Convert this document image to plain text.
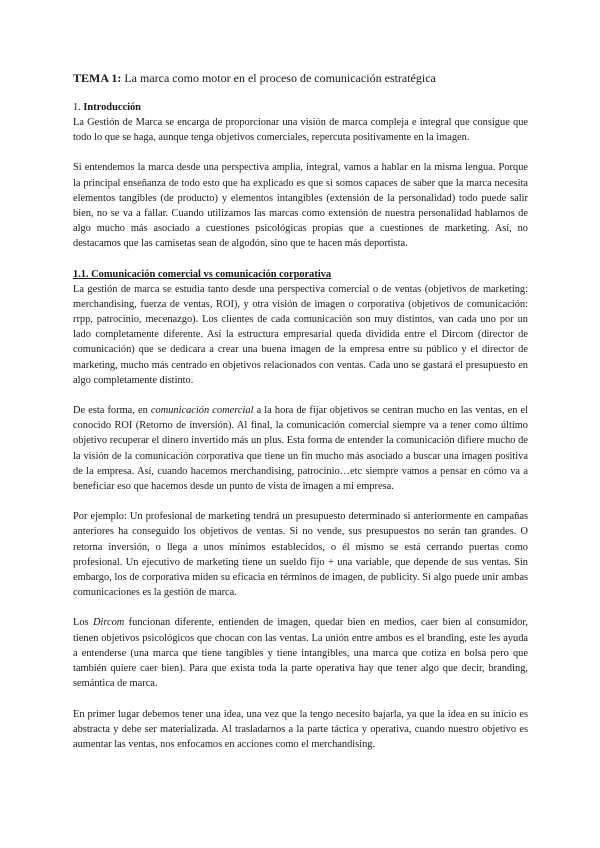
TEMA 1: La marca como motor en el proceso de comunicación estratégica
1. Introducción

La Gestión de Marca se encarga de proporcionar una visión de marca compleja e integral que consigue que todo lo que se haga, aunque tenga objetivos comerciales, repercuta positivamente en la imagen.

Si entendemos la marca desde una perspectiva amplia, integral, vamos a hablar en la misma lengua. Porque la principal enseñanza de todo esto que ha explicado es que si somos capaces de saber que la marca necesita elementos tangibles (de producto) y elementos intangibles (extensión de la personalidad) todo puede salir bien, no se va a fallar. Cuando utilizamos las marcas como extensión de nuestra personalidad hablamos de algo mucho más asociado a cuestiones psicológicas propias que a cuestiones de marketing. Así, no destacamos que las camisetas sean de algodón, sino que te hacen más deportista.

1.1. Comunicación comercial vs comunicación corporativa

La gestión de marca se estudia tanto desde una perspectiva comercial o de ventas (objetivos de marketing: merchandising, fuerza de ventas, ROI), y otra visión de imagen o corporativa (objetivos de comunicación: rrpp, patrocinio, mecenazgo). Los clientes de cada comunicación son muy distintos, van cada uno por un lado completamente diferente. Así la estructura empresarial queda dividida entre el Dircom (director de comunicación) que se dedicara a crear una buena imagen de la empresa entre su público y el director de marketing, mucho más centrado en objetivos relacionados con ventas. Cada uno se gastará el presupuesto en algo completamente distinto.

De esta forma, en comunicación comercial a la hora de fijar objetivos se centran mucho en las ventas, en el conocido ROI (Retorno de inversión). Al final, la comunicación comercial siempre va a tener como último objetivo recuperar el dinero invertido más un plus. Esta forma de entender la comunicación difiere mucho de la visión de la comunicación corporativa que tiene un fin mucho más asociado a buscar una imagen positiva de la empresa. Así, cuando hacemos merchandising, patrocinio…etc siempre vamos a pensar en cómo va a beneficiar eso que hacemos desde un punto de vista de imagen a mi empresa.

Por ejemplo: Un profesional de marketing tendrá un presupuesto determinado si anteriormente en campañas anteriores ha conseguido los objetivos de ventas. Si no vende, sus presupuestos no serán tan grandes. O retorna inversión, o llega a unos mínimos establecidos, o él mismo se está cerrando puertas como profesional. Un ejecutivo de marketing tiene un sueldo fijo + una variable, que depende de sus ventas. Sin embargo, los de corporativa miden su eficacia en términos de imagen, de publicity. Si algo puede unir ambas comunicaciones es la gestión de marca.

Los Dircom funcionan diferente, entienden de imagen, quedar bien en medios, caer bien al consumidor, tienen objetivos psicológicos que chocan con las ventas. La unión entre ambos es el branding, este les ayuda a entenderse (una marca que tiene tangibles y tiene intangibles, una marca que cotiza en bolsa pero que también quiere caer bien). Para que exista toda la parte operativa hay que tener algo que decir, branding, semántica de marca.

En primer lugar debemos tener una idea, una vez que la tengo necesito bajarla, ya que la idea en su inicio es abstracta y debe ser materializada. Al trasladarnos a la parte táctica y operativa, cuando nuestro objetivo es aumentar las ventas, nos enfocamos en acciones como el merchandising.
